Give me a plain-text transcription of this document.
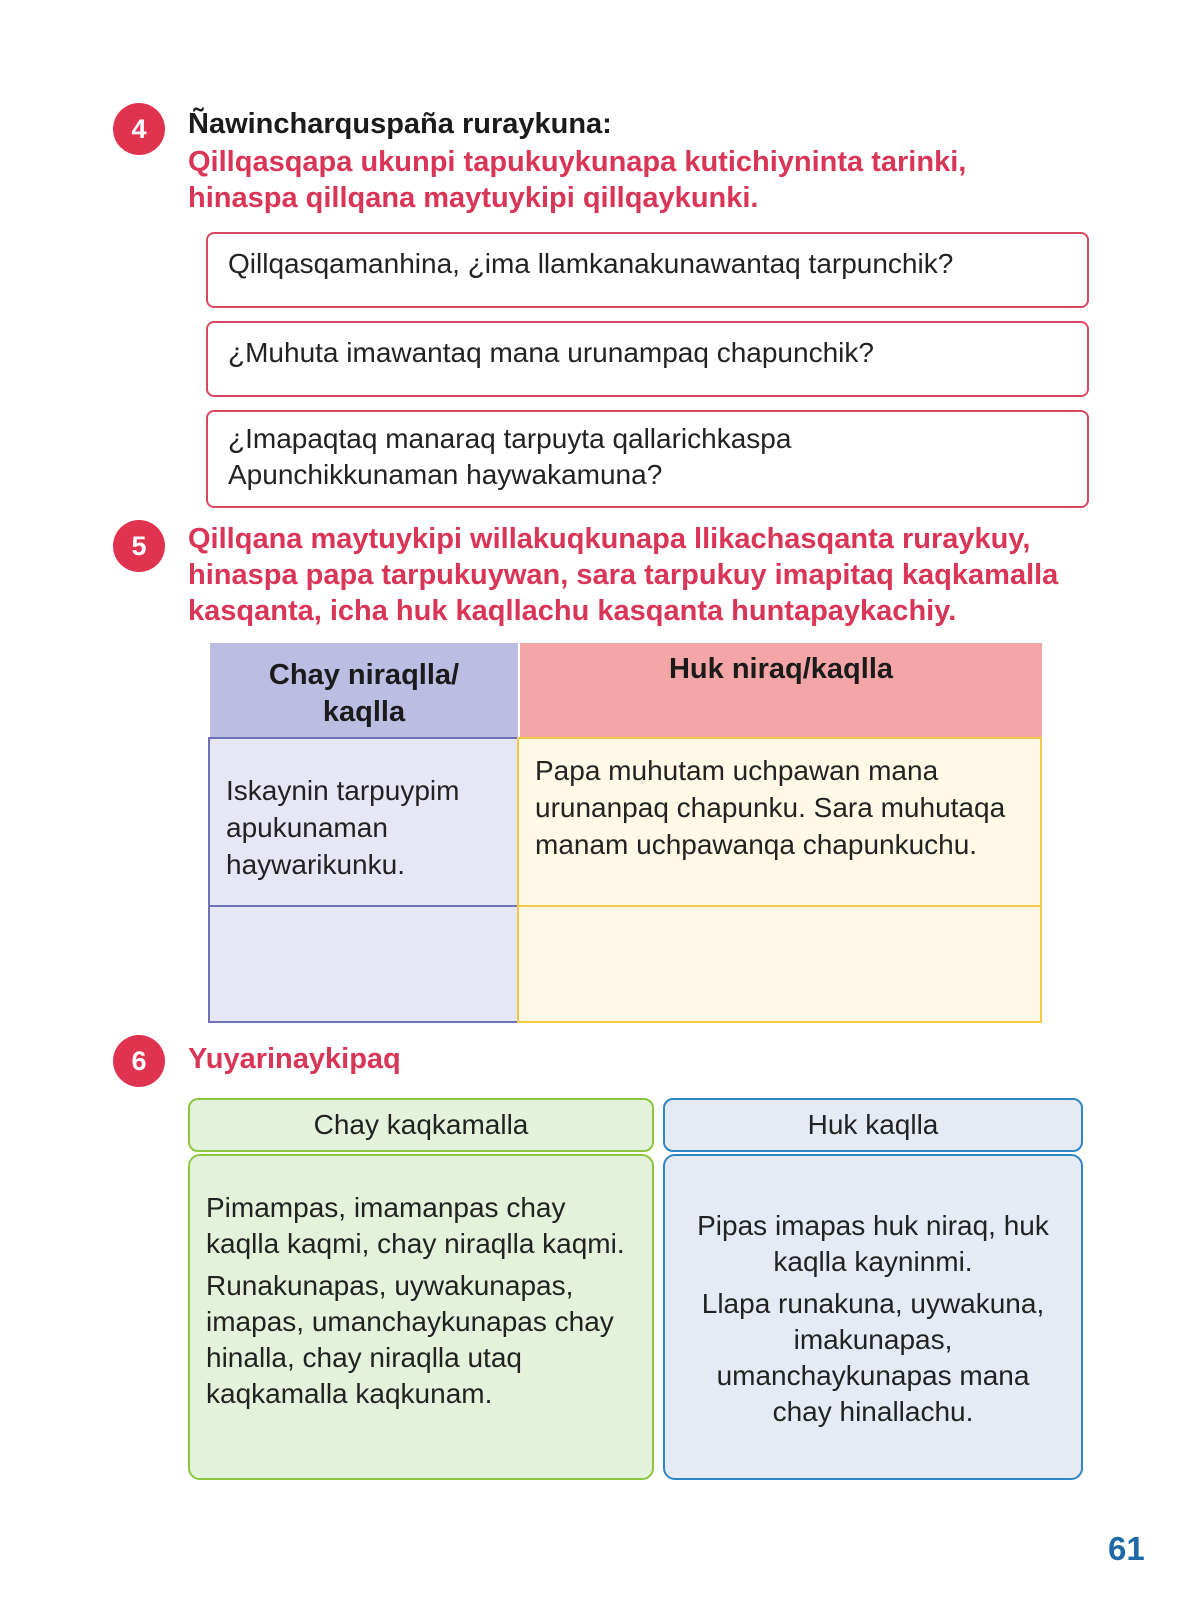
4	Ñawincharquspaña ruraykuna:
Qillqasqapa ukunpi tapukuykunapa kutichiyninta tarinki,
hinaspa qillqana maytuykipi qillqaykunki.
Qillqasqamanhina, ¿ima llamkanakunawantaq tarpunchik?
¿Muhuta imawantaq mana urunampaq chapunchik?
¿Imapaqtaq manaraq tarpuyta qallarichkaspa Apunchikkunaman haywakamuna?
5	Qillqana maytuykipi willakuqkunapa llikachasqanta ruraykuy,
hinaspa papa tarpukuywan, sara tarpukuy imapitaq kaqkamalla
kasqanta, icha huk kaqllachu kasqanta huntapaykachiy.
Chay niraqlla/
kaqlla
Huk niraq/kaqlla
Iskaynin tarpuypim apukunaman haywarikunku.
Papa muhutam uchpawan mana urunanpaq chapunku. Sara muhutaqa manam uchpawanqa chapunkuchu.
6	Yuyarinaykipaq
Chay kaqkamalla
Pimampas, imamanpas chay kaqlla kaqmi, chay niraqlla kaqmi.
Runakunapas, uywakunapas, imapas, umanchaykunapas chay hinalla, chay niraqlla utaq kaqkamalla kaqkunam.
Huk kaqlla
Pipas imapas huk niraq, huk kaqlla kayninmi.
Llapa runakuna, uywakuna, imakunapas, umanchaykunapas mana chay hinallachu.
61
